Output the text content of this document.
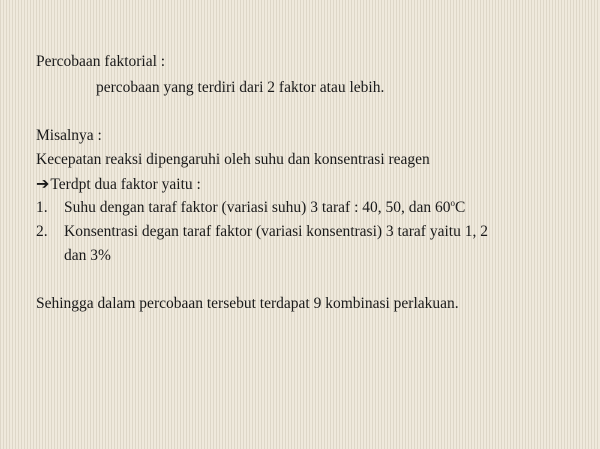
Percobaan faktorial :
percobaan yang terdiri dari 2 faktor atau lebih.
Misalnya :
Kecepatan reaksi dipengaruhi oleh suhu dan konsentrasi reagen
➔Terdpt dua faktor yaitu :
1. Suhu dengan taraf faktor (variasi suhu) 3 taraf : 40, 50, dan 60$^o$C
2. Konsentrasi degan taraf faktor (variasi konsentrasi) 3 taraf yaitu 1, 2
dan 3%
Sehingga dalam percobaan tersebut terdapat 9 kombinasi perlakuan.
